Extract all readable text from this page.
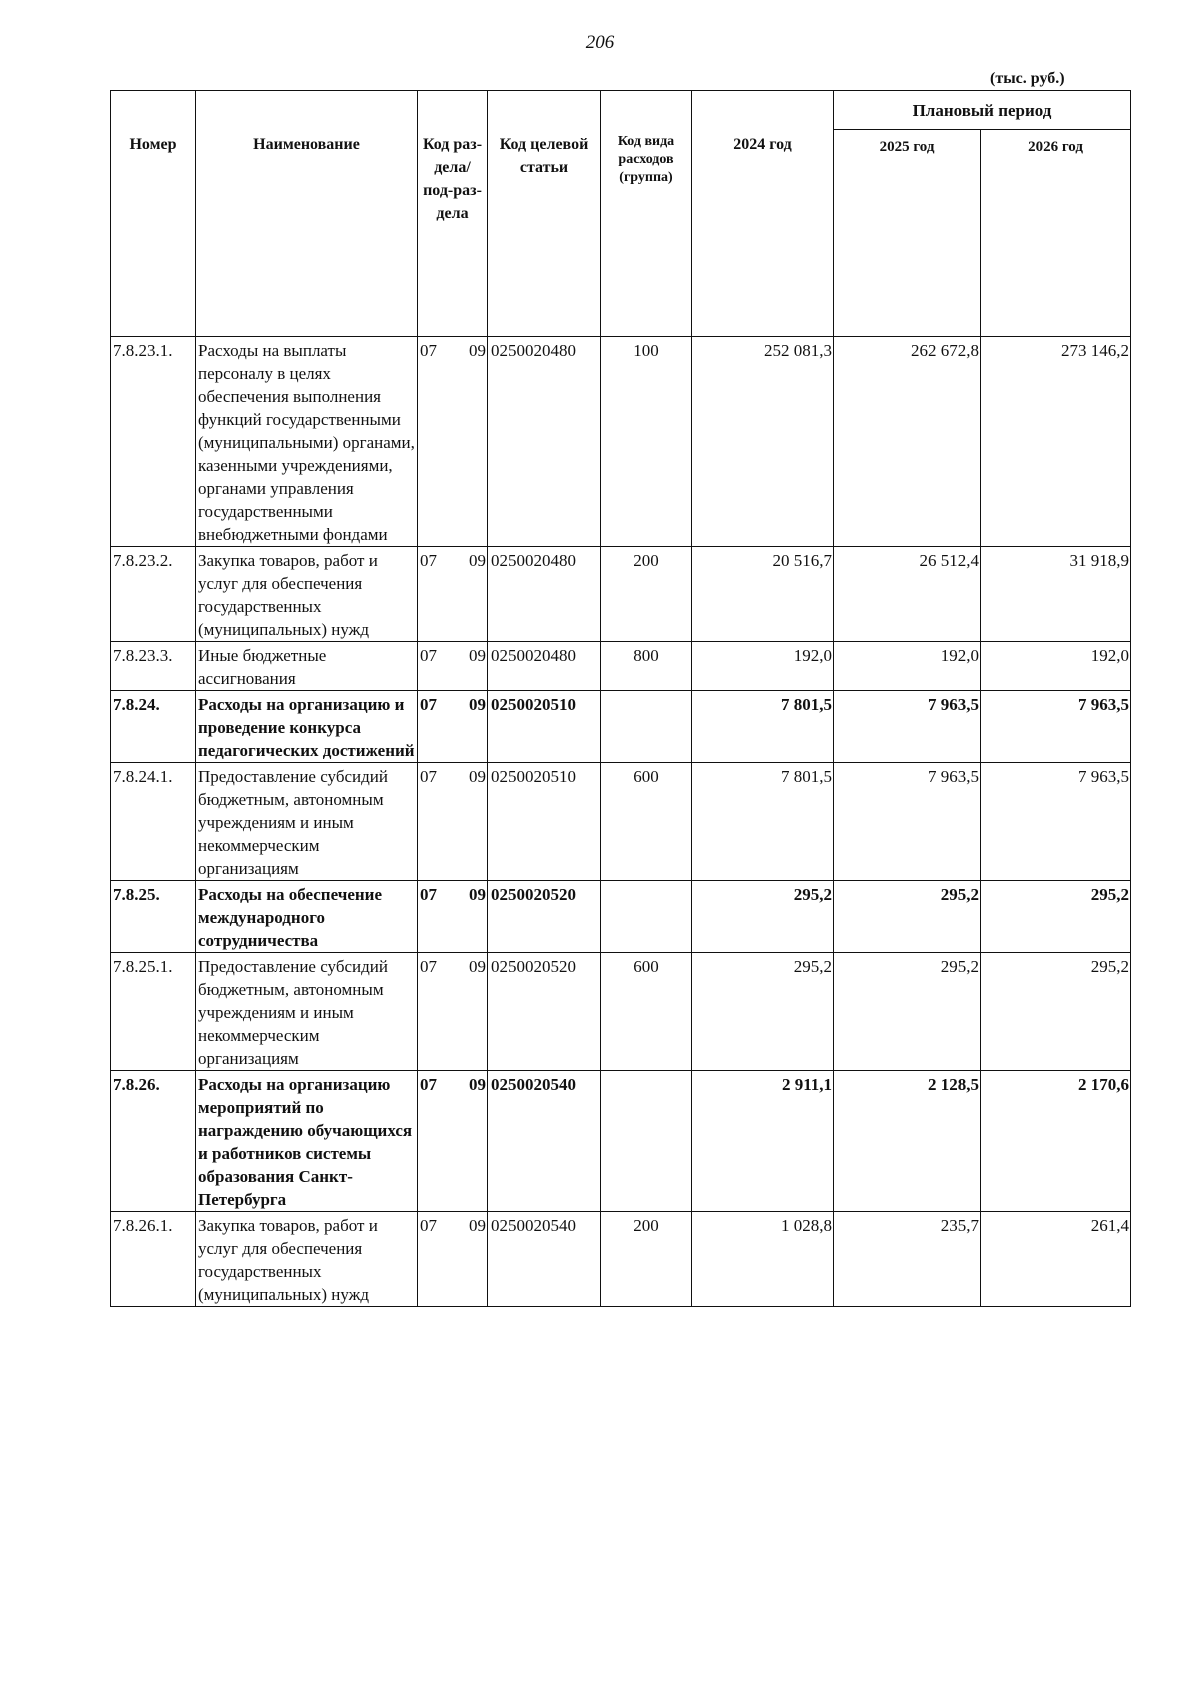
206
(тыс. руб.)
Номер	Наименование	Код раз-дела/ под-раз-дела	Код целевой статьи	Код вида расходов (группа)	2024 год	Плановый период	
						2025 год	2026 год
7.8.23.1.	Расходы на выплаты персоналу в целях обеспечения выполнения функций государственными (муниципальными) органами, казенными учреждениями, органами управления государственными внебюджетными фондами	07 09	0250020480	100	252 081,3	262 672,8	273 146,2
7.8.23.2.	Закупка товаров, работ и услуг для обеспечения государственных (муниципальных) нужд	07 09	0250020480	200	20 516,7	26 512,4	31 918,9
7.8.23.3.	Иные бюджетные ассигнования	07 09	0250020480	800	192,0	192,0	192,0
7.8.24.	Расходы на организацию и проведение конкурса педагогических достижений	07 09	0250020510		7 801,5	7 963,5	7 963,5
7.8.24.1.	Предоставление субсидий бюджетным, автономным учреждениям и иным некоммерческим организациям	07 09	0250020510	600	7 801,5	7 963,5	7 963,5
7.8.25.	Расходы на обеспечение международного сотрудничества	07 09	0250020520		295,2	295,2	295,2
7.8.25.1.	Предоставление субсидий бюджетным, автономным учреждениям и иным некоммерческим организациям	07 09	0250020520	600	295,2	295,2	295,2
7.8.26.	Расходы на организацию мероприятий по награждению обучающихся и работников системы образования Санкт-Петербурга	07 09	0250020540		2 911,1	2 128,5	2 170,6
7.8.26.1.	Закупка товаров, работ и услуг для обеспечения государственных (муниципальных) нужд	07 09	0250020540	200	1 028,8	235,7	261,4
